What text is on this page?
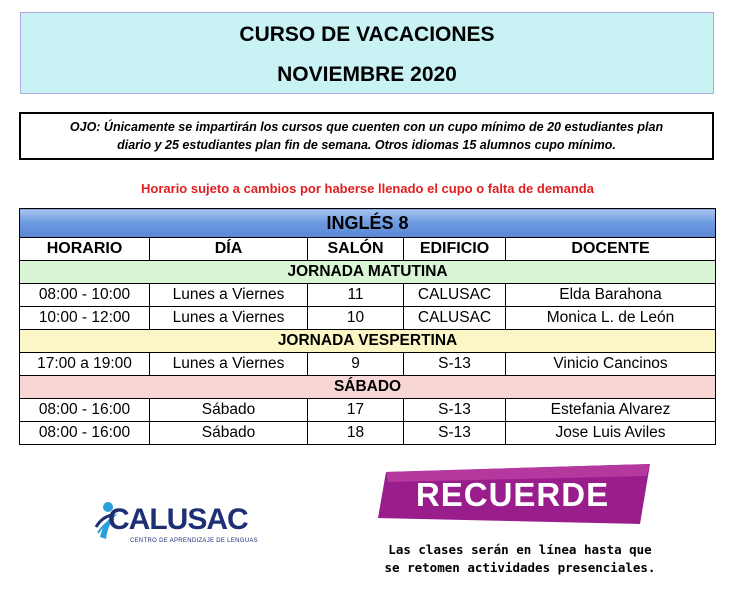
CURSO DE VACACIONES
NOVIEMBRE 2020
OJO: Únicamente se impartirán los cursos que cuenten con un cupo mínimo de 20 estudiantes plan
diario y 25 estudiantes plan fin de semana. Otros idiomas 15 alumnos cupo mínimo.
Horario sujeto a cambios por haberse llenado el cupo o falta de demanda
INGLÉS 8				
HORARIO	DÍA	SALÓN	EDIFICIO	DOCENTE
JORNADA MATUTINA				
08:00 - 10:00	Lunes a Viernes	11	CALUSAC	Elda Barahona
10:00 - 12:00	Lunes a Viernes	10	CALUSAC	Monica L. de León
JORNADA VESPERTINA				
17:00 a 19:00	Lunes a Viernes	9	S-13	Vinicio Cancinos
SÁBADO				
08:00 - 16:00	Sábado	17	S-13	Estefania Alvarez
08:00 - 16:00	Sábado	18	S-13	Jose Luis Aviles
CALUSAC
CENTRO DE APRENDIZAJE DE LENGUAS
RECUERDE
Las clases serán en línea hasta que
se retomen actividades presenciales.
